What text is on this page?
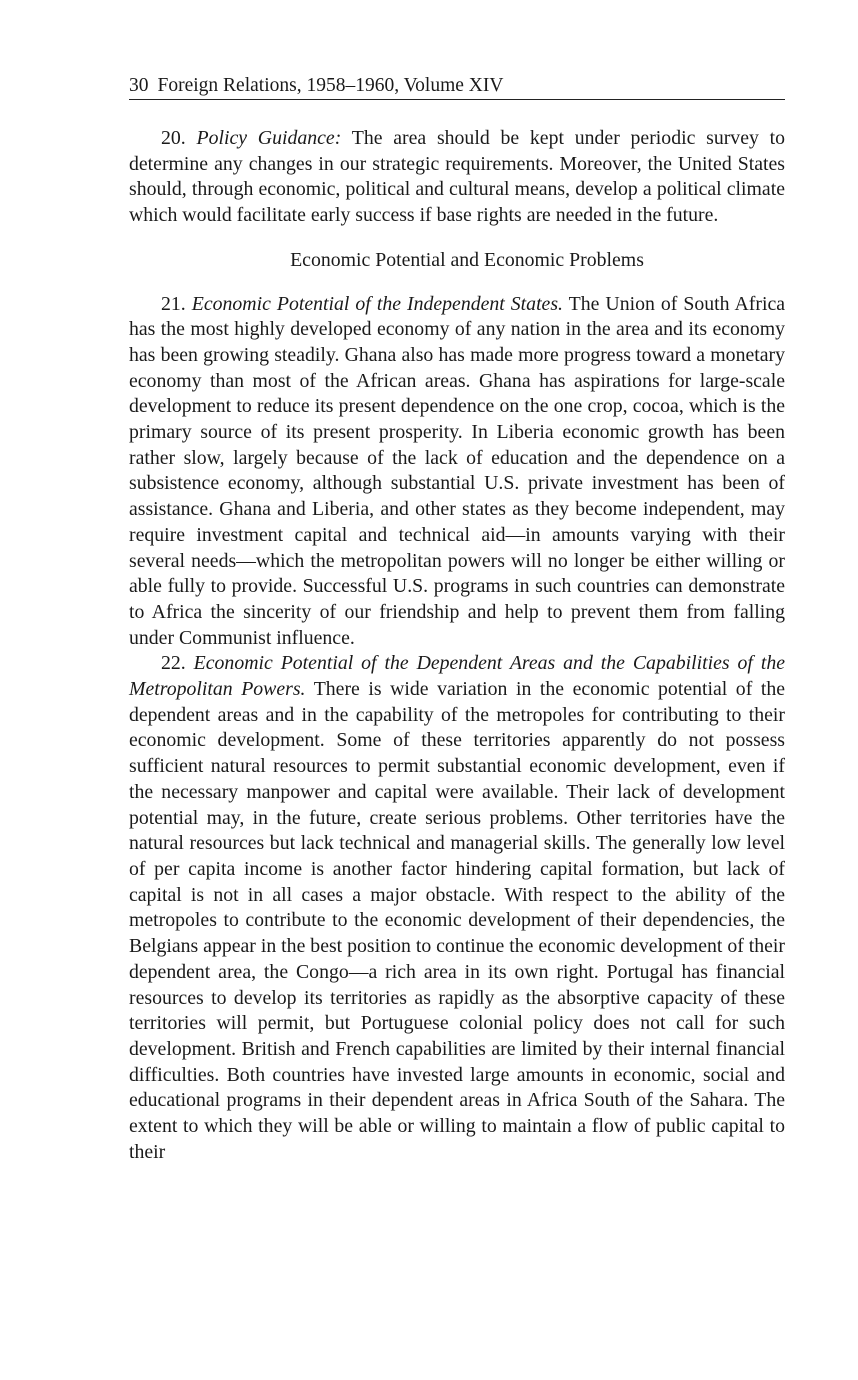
30 Foreign Relations, 1958–1960, Volume XIV

20. Policy Guidance: The area should be kept under periodic survey to determine any changes in our strategic requirements. Moreover, the United States should, through economic, political and cultural means, develop a political climate which would facilitate early success if base rights are needed in the future.

Economic Potential and Economic Problems

21. Economic Potential of the Independent States. The Union of South Africa has the most highly developed economy of any nation in the area and its economy has been growing steadily. Ghana also has made more progress toward a monetary economy than most of the African areas. Ghana has aspirations for large-scale development to reduce its present dependence on the one crop, cocoa, which is the primary source of its present prosperity. In Liberia economic growth has been rather slow, largely because of the lack of education and the dependence on a subsistence economy, although substantial U.S. private investment has been of assistance. Ghana and Liberia, and other states as they become independent, may require investment capital and technical aid—in amounts varying with their several needs—which the metropolitan powers will no longer be either willing or able fully to provide. Successful U.S. programs in such countries can demonstrate to Africa the sincerity of our friendship and help to prevent them from falling under Communist influence.

22. Economic Potential of the Dependent Areas and the Capabilities of the Metropolitan Powers. There is wide variation in the economic potential of the dependent areas and in the capability of the metropoles for contributing to their economic development. Some of these territories apparently do not possess sufficient natural resources to permit substantial economic development, even if the necessary manpower and capital were available. Their lack of development potential may, in the future, create serious problems. Other territories have the natural resources but lack technical and managerial skills. The generally low level of per capita income is another factor hindering capital formation, but lack of capital is not in all cases a major obstacle. With respect to the ability of the metropoles to contribute to the economic development of their dependencies, the Belgians appear in the best position to continue the economic development of their dependent area, the Congo—a rich area in its own right. Portugal has financial resources to develop its territories as rapidly as the absorptive capacity of these territories will permit, but Portuguese colonial policy does not call for such development. British and French capabilities are limited by their internal financial difficulties. Both countries have invested large amounts in economic, social and educational programs in their dependent areas in Africa South of the Sahara. The extent to which they will be able or willing to maintain a flow of public capital to their
